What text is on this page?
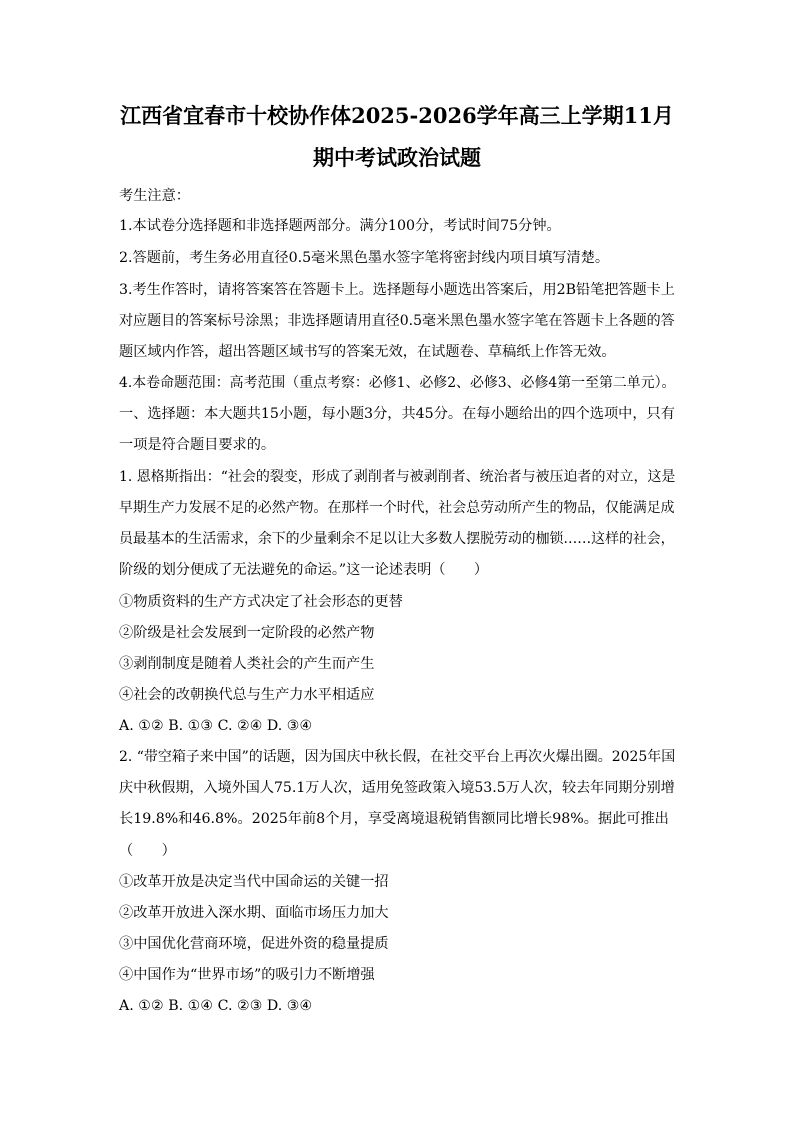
江西省宜春市十校协作体2025-2026学年高三上学期11月
期中考试政治试题
考生注意：
1.本试卷分选择题和非选择题两部分。满分100分，考试时间75分钟。
2.答题前，考生务必用直径0.5毫米黑色墨水签字笔将密封线内项目填写清楚。
3.考生作答时，请将答案答在答题卡上。选择题每小题选出答案后，用2B铅笔把答题卡上
对应题目的答案标号涂黑；非选择题请用直径0.5毫米黑色墨水签字笔在答题卡上各题的答
题区域内作答，超出答题区域书写的答案无效，在试题卷、草稿纸上作答无效。
4.本卷命题范围：高考范围（重点考察：必修1、必修2、必修3、必修4第一至第二单元）。
一、选择题：本大题共15小题，每小题3分，共45分。在每小题给出的四个选项中，只有
一项是符合题目要求的。
1. 恩格斯指出：“社会的裂变，形成了剥削者与被剥削者、统治者与被压迫者的对立，这是
早期生产力发展不足的必然产物。在那样一个时代，社会总劳动所产生的物品，仅能满足成
员最基本的生活需求，余下的少量剩余不足以让大多数人摆脱劳动的枷锁……这样的社会，
阶级的划分便成了无法避免的命运。”这一论述表明（　　）
①物质资料的生产方式决定了社会形态的更替
②阶级是社会发展到一定阶段的必然产物
③剥削制度是随着人类社会的产生而产生
④社会的改朝换代总与生产力水平相适应
A. ①② B. ①③ C. ②④ D. ③④
2. “带空箱子来中国”的话题，因为国庆中秋长假，在社交平台上再次火爆出圈。2025年国
庆中秋假期，入境外国人75.1万人次，适用免签政策入境53.5万人次，较去年同期分别增
长19.8%和46.8%。2025年前8个月，享受离境退税销售额同比增长98%。据此可推出
（　　）
①改革开放是决定当代中国命运的关键一招
②改革开放进入深水期、面临市场压力加大
③中国优化营商环境，促进外资的稳量提质
④中国作为“世界市场”的吸引力不断增强
A. ①② B. ①④ C. ②③ D. ③④
